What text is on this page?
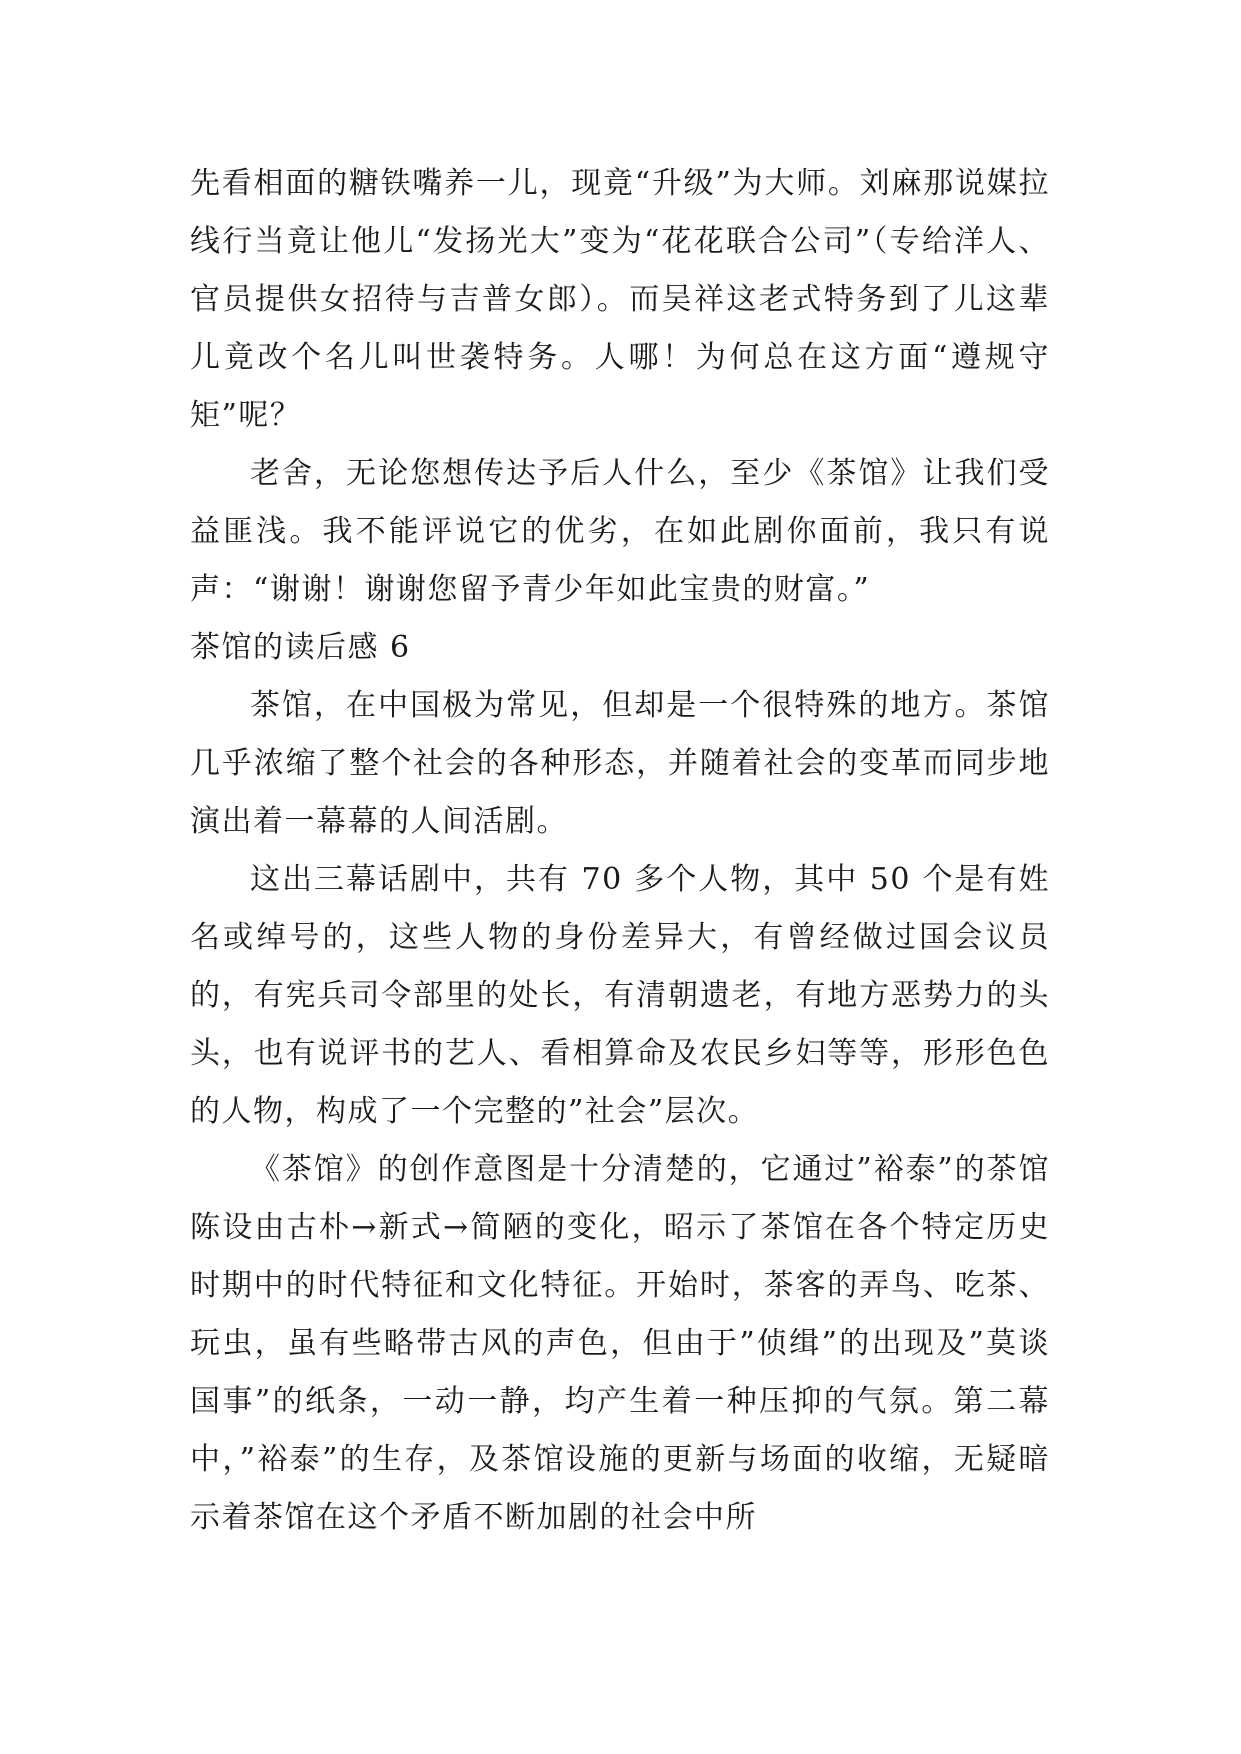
先看相面的糖铁嘴养一儿，现竟“升级”为大师。刘麻那说媒拉线行当竟让他儿“发扬光大”变为“花花联合公司”（专给洋人、官员提供女招待与吉普女郎）。而吴祥这老式特务到了儿这辈儿竟改个名儿叫世袭特务。人哪！为何总在这方面“遵规守矩”呢？

老舍，无论您想传达予后人什么，至少《茶馆》让我们受益匪浅。我不能评说它的优劣，在如此剧你面前，我只有说声：“谢谢！谢谢您留予青少年如此宝贵的财富。”

茶馆的读后感 6

茶馆，在中国极为常见，但却是一个很特殊的地方。茶馆几乎浓缩了整个社会的各种形态，并随着社会的变革而同步地演出着一幕幕的人间活剧。

这出三幕话剧中，共有 70 多个人物，其中 50 个是有姓名或绰号的，这些人物的身份差异大，有曾经做过国会议员的，有宪兵司令部里的处长，有清朝遗老，有地方恶势力的头头，也有说评书的艺人、看相算命及农民乡妇等等，形形色色的人物，构成了一个完整的”社会”层次。

《茶馆》的创作意图是十分清楚的，它通过”裕泰”的茶馆陈设由古朴→新式→简陋的变化，昭示了茶馆在各个特定历史时期中的时代特征和文化特征。开始时，茶客的弄鸟、吃茶、玩虫，虽有些略带古风的声色，但由于”侦缉”的出现及”莫谈国事”的纸条，一动一静，均产生着一种压抑的气氛。第二幕中，”裕泰”的生存，及茶馆设施的更新与场面的收缩，无疑暗示着茶馆在这个矛盾不断加剧的社会中所
